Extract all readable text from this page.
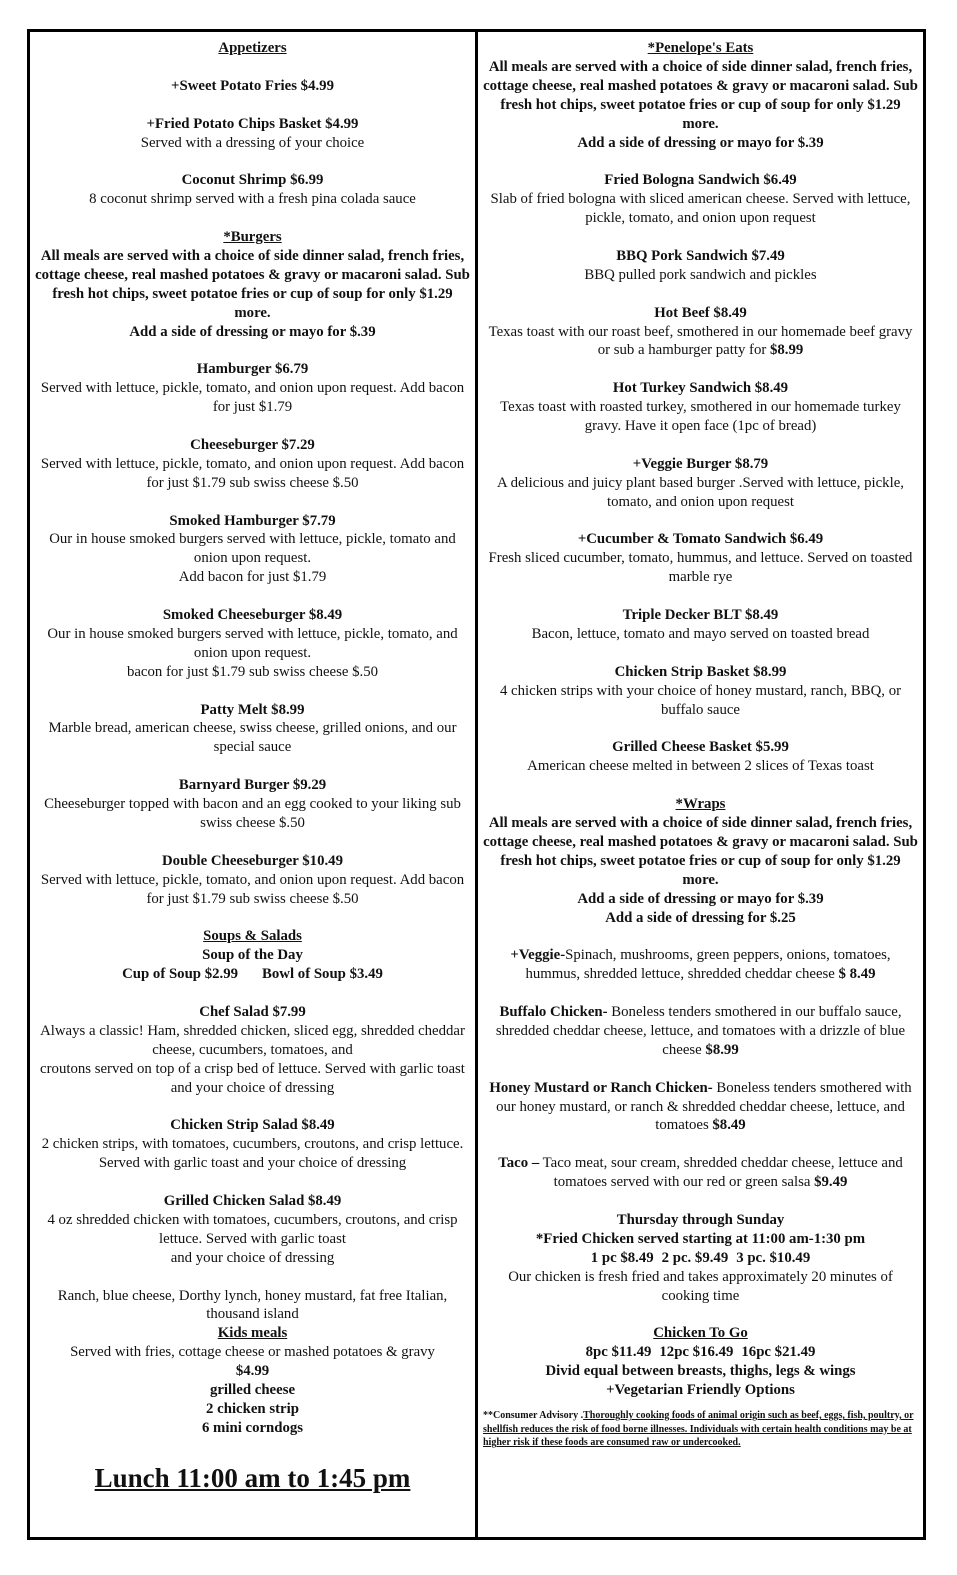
Appetizers
+Sweet Potato Fries $4.99
+Fried Potato Chips Basket $4.99
Served with a dressing of your choice
Coconut Shrimp $6.99
8 coconut shrimp served with a fresh pina colada sauce
*Burgers
All meals are served with a choice of side dinner salad, french fries, cottage cheese, real mashed potatoes & gravy or macaroni salad. Sub fresh hot chips, sweet potatoe fries or cup of soup for only $1.29 more.
Add a side of dressing or mayo for $.39
Hamburger $6.79
Served with lettuce, pickle, tomato, and onion upon request. Add bacon for just $1.79
Cheeseburger $7.29
Served with lettuce, pickle, tomato, and onion upon request. Add bacon for just $1.79 sub swiss cheese $.50
Smoked Hamburger $7.79
Our in house smoked burgers served with lettuce, pickle, tomato and onion upon request.
Add bacon for just $1.79
Smoked Cheeseburger $8.49
Our in house smoked burgers served with lettuce, pickle, tomato, and onion upon request.
bacon for just $1.79 sub swiss cheese $.50
Patty Melt $8.99
Marble bread, american cheese, swiss cheese, grilled onions, and our special sauce
Barnyard Burger $9.29
Cheeseburger topped with bacon and an egg cooked to your liking sub swiss cheese $.50
Double Cheeseburger $10.49
Served with lettuce, pickle, tomato, and onion upon request. Add bacon for just $1.79 sub swiss cheese $.50
Soups & Salads
Soup of the Day
Cup of Soup $2.99 Bowl of Soup $3.49
Chef Salad $7.99
Always a classic! Ham, shredded chicken, sliced egg, shredded cheddar cheese, cucumbers, tomatoes, and
croutons served on top of a crisp bed of lettuce. Served with garlic toast and your choice of dressing
Chicken Strip Salad $8.49
2 chicken strips, with tomatoes, cucumbers, croutons, and crisp lettuce. Served with garlic toast and your choice of dressing
Grilled Chicken Salad $8.49
4 oz shredded chicken with tomatoes, cucumbers, croutons, and crisp lettuce. Served with garlic toast
and your choice of dressing
Ranch, blue cheese, Dorthy lynch, honey mustard, fat free Italian, thousand island
Kids meals
Served with fries, cottage cheese or mashed potatoes & gravy
$4.99
grilled cheese
2 chicken strip
6 mini corndogs
Lunch 11:00 am to 1:45 pm
*Penelope's Eats
All meals are served with a choice of side dinner salad, french fries, cottage cheese, real mashed potatoes & gravy or macaroni salad. Sub fresh hot chips, sweet potatoe fries or cup of soup for only $1.29 more.
Add a side of dressing or mayo for $.39
Fried Bologna Sandwich $6.49
Slab of fried bologna with sliced american cheese. Served with lettuce, pickle, tomato, and onion upon request
BBQ Pork Sandwich $7.49
BBQ pulled pork sandwich and pickles
Hot Beef $8.49
Texas toast with our roast beef, smothered in our homemade beef gravy or sub a hamburger patty for $8.99
Hot Turkey Sandwich $8.49
Texas toast with roasted turkey, smothered in our homemade turkey gravy. Have it open face (1pc of bread)
+Veggie Burger $8.79
A delicious and juicy plant based burger .Served with lettuce, pickle, tomato, and onion upon request
+Cucumber & Tomato Sandwich $6.49
Fresh sliced cucumber, tomato, hummus, and lettuce. Served on toasted marble rye
Triple Decker BLT $8.49
Bacon, lettuce, tomato and mayo served on toasted bread
Chicken Strip Basket $8.99
4 chicken strips with your choice of honey mustard, ranch, BBQ, or buffalo sauce
Grilled Cheese Basket $5.99
American cheese melted in between 2 slices of Texas toast
*Wraps
All meals are served with a choice of side dinner salad, french fries, cottage cheese, real mashed potatoes & gravy or macaroni salad. Sub fresh hot chips, sweet potatoe fries or cup of soup for only $1.29 more.
Add a side of dressing or mayo for $.39
Add a side of dressing for $.25
+Veggie-Spinach, mushrooms, green peppers, onions, tomatoes, hummus, shredded lettuce, shredded cheddar cheese $ 8.49
Buffalo Chicken- Boneless tenders smothered in our buffalo sauce, shredded cheddar cheese, lettuce, and tomatoes with a drizzle of blue cheese $8.99
Honey Mustard or Ranch Chicken- Boneless tenders smothered with our honey mustard, or ranch & shredded cheddar cheese, lettuce, and tomatoes $8.49
Taco – Taco meat, sour cream, shredded cheddar cheese, lettuce and tomatoes served with our red or green salsa $9.49
Thursday through Sunday
*Fried Chicken served starting at 11:00 am-1:30 pm
1 pc $8.49 2 pc. $9.49 3 pc. $10.49
Our chicken is fresh fried and takes approximately 20 minutes of cooking time
Chicken To Go
8pc $11.49 12pc $16.49 16pc $21.49
Divid equal between breasts, thighs, legs & wings
+Vegetarian Friendly Options
**Consumer Advisory .Thoroughly cooking foods of animal origin such as beef, eggs, fish, poultry, or shellfish reduces the risk of food borne illnesses. Individuals with certain health conditions may be at higher risk if these foods are consumed raw or undercooked.
